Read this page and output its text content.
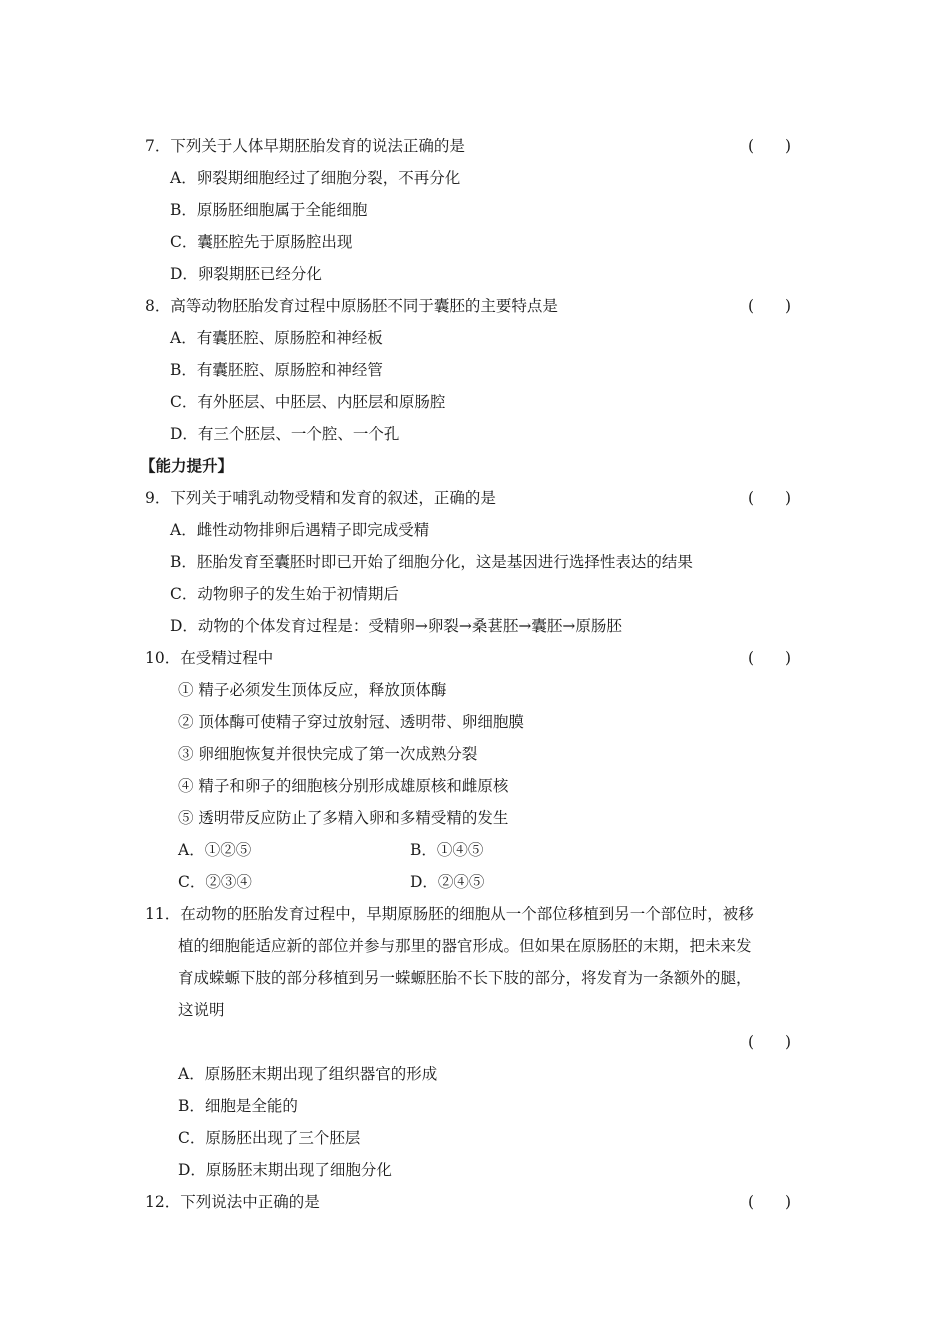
7．下列关于人体早期胚胎发育的说法正确的是	(　　)
A．卵裂期细胞经过了细胞分裂，不再分化
B．原肠胚细胞属于全能细胞
C．囊胚腔先于原肠腔出现
D．卵裂期胚已经分化
8．高等动物胚胎发育过程中原肠胚不同于囊胚的主要特点是	(　　)
A．有囊胚腔、原肠腔和神经板
B．有囊胚腔、原肠腔和神经管
C．有外胚层、中胚层、内胚层和原肠腔
D．有三个胚层、一个腔、一个孔
【能力提升】
9．下列关于哺乳动物受精和发育的叙述，正确的是	(　　)
A．雌性动物排卵后遇精子即完成受精
B．胚胎发育至囊胚时即已开始了细胞分化，这是基因进行选择性表达的结果
C．动物卵子的发生始于初情期后
D．动物的个体发育过程是：受精卵→卵裂→桑葚胚→囊胚→原肠胚
10．在受精过程中	(　　)
① 精子必须发生顶体反应，释放顶体酶
② 顶体酶可使精子穿过放射冠、透明带、卵细胞膜
③ 卵细胞恢复并很快完成了第一次成熟分裂
④ 精子和卵子的细胞核分别形成雄原核和雌原核
⑤ 透明带反应防止了多精入卵和多精受精的发生
A．①②⑤	B．①④⑤
C．②③④	D．②④⑤
11．在动物的胚胎发育过程中，早期原肠胚的细胞从一个部位移植到另一个部位时，被移
植的细胞能适应新的部位并参与那里的器官形成。但如果在原肠胚的末期，把未来发
育成蝾螈下肢的部分移植到另一蝾螈胚胎不长下肢的部分，将发育为一条额外的腿，
这说明
(　　)
A．原肠胚末期出现了组织器官的形成
B．细胞是全能的
C．原肠胚出现了三个胚层
D．原肠胚末期出现了细胞分化
12．下列说法中正确的是	(　　)
